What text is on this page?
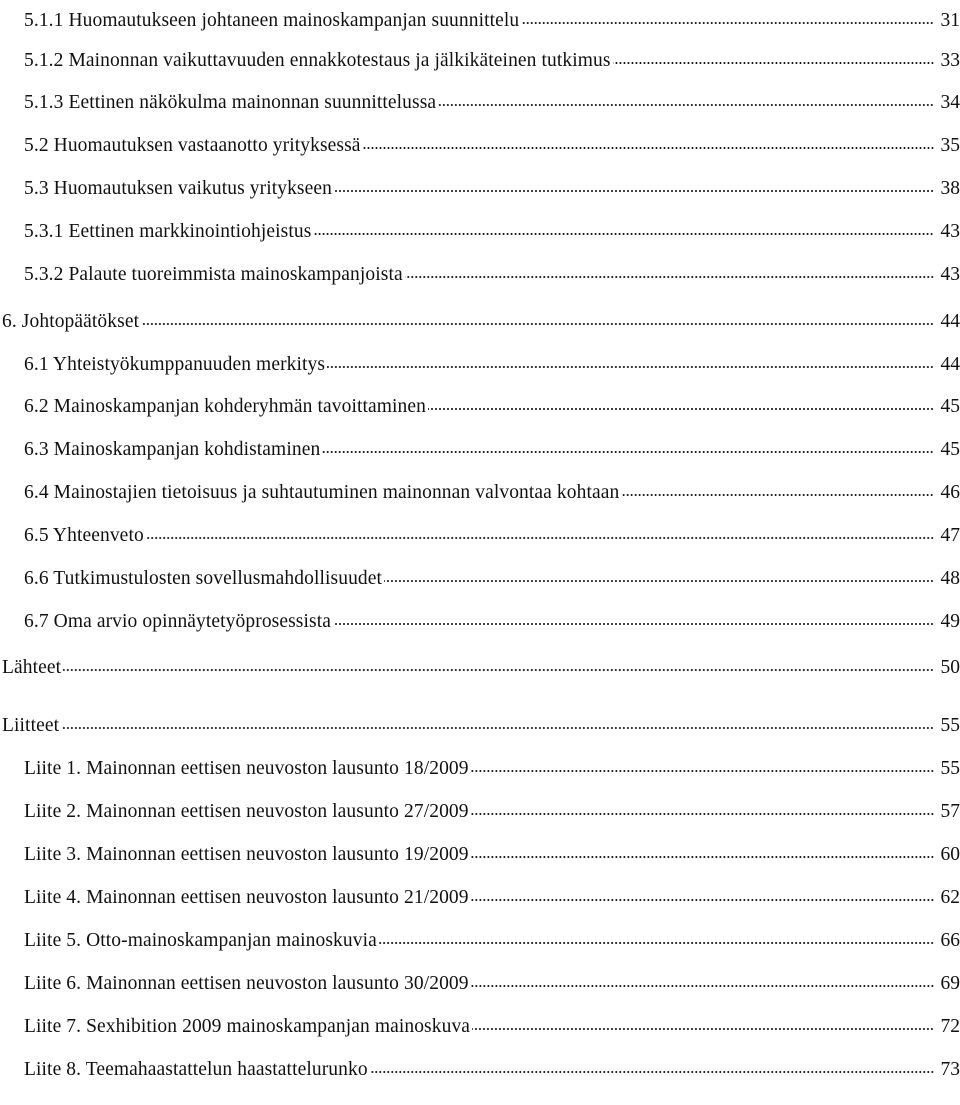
5.1.1 Huomautukseen johtaneen mainoskampanjan suunnittelu	31
5.1.2 Mainonnan vaikuttavuuden ennakkotestaus ja jälkikäteinen tutkimus	33
5.1.3 Eettinen näkökulma mainonnan suunnittelussa	34
5.2 Huomautuksen vastaanotto yrityksessä	35
5.3 Huomautuksen vaikutus yritykseen	38
5.3.1 Eettinen markkinointiohjeistus	43
5.3.2 Palaute tuoreimmista mainoskampanjoista	43
6. Johtopäätökset	44
6.1 Yhteistyökumppanuuden merkitys	44
6.2 Mainoskampanjan kohderyhmän tavoittaminen	45
6.3 Mainoskampanjan kohdistaminen	45
6.4 Mainostajien tietoisuus ja suhtautuminen mainonnan valvontaa kohtaan	46
6.5 Yhteenveto	47
6.6 Tutkimustulosten sovellusmahdollisuudet	48
6.7 Oma arvio opinnäytetyöprosessista	49
Lähteet	50
Liitteet	55
Liite 1. Mainonnan eettisen neuvoston lausunto 18/2009	55
Liite 2. Mainonnan eettisen neuvoston lausunto 27/2009	57
Liite 3. Mainonnan eettisen neuvoston lausunto 19/2009	60
Liite 4. Mainonnan eettisen neuvoston lausunto 21/2009	62
Liite 5. Otto-mainoskampanjan mainoskuvia	66
Liite 6. Mainonnan eettisen neuvoston lausunto 30/2009	69
Liite 7. Sexhibition 2009 mainoskampanjan mainoskuva	72
Liite 8. Teemahaastattelun haastattelurunko	73
